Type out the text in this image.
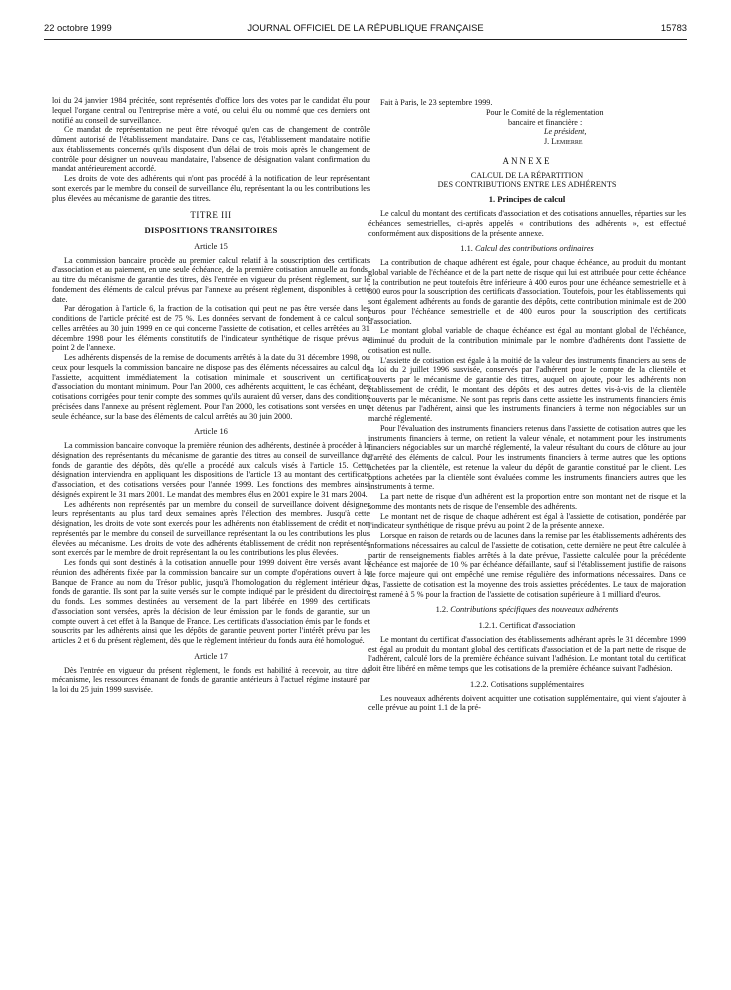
22 octobre 1999	JOURNAL OFFICIEL DE LA RÉPUBLIQUE FRANÇAISE	15783

loi du 24 janvier 1984 précitée, sont représentés d'office lors des votes par le candidat élu pour lequel l'organe central ou l'entreprise mère a voté, ou celui élu ou nommé que ces derniers ont notifié au conseil de surveillance.

Ce mandat de représentation ne peut être révoqué qu'en cas de changement de contrôle dûment autorisé de l'établissement mandataire. Dans ce cas, l'établissement mandataire notifie aux établissements concernés qu'ils disposent d'un délai de trois mois après le changement de contrôle pour désigner un nouveau mandataire, l'absence de désignation valant confirmation du mandat antérieurement accordé.

Les droits de vote des adhérents qui n'ont pas procédé à la notification de leur représentant sont exercés par le membre du conseil de surveillance élu, représentant la ou les contributions les plus élevées au mécanisme de garantie des titres.

TITRE III
DISPOSITIONS TRANSITOIRES
Article 15

La commission bancaire procède au premier calcul relatif à la souscription des certificats d'association et au paiement, en une seule échéance, de la première cotisation annuelle au fonds, au titre du mécanisme de garantie des titres, dès l'entrée en vigueur du présent règlement, sur le fondement des éléments de calcul prévus par l'annexe au présent règlement, disponibles à cette date.

Par dérogation à l'article 6, la fraction de la cotisation qui peut ne pas être versée dans les conditions de l'article précité est de 75 %. Les données servant de fondement à ce calcul sont celles arrêtées au 30 juin 1999 en ce qui concerne l'assiette de cotisation, et celles arrêtées au 31 décembre 1998 pour les éléments constitutifs de l'indicateur synthétique de risque prévus au point 2 de l'annexe.

Les adhérents dispensés de la remise de documents arrêtés à la date du 31 décembre 1998, ou ceux pour lesquels la commission bancaire ne dispose pas des éléments nécessaires au calcul de l'assiette, acquittent immédiatement la cotisation minimale et souscrivent un certificat d'association du montant minimum. Pour l'an 2000, ces adhérents acquittent, le cas échéant, des cotisations corrigées pour tenir compte des sommes qu'ils auraient dû verser, dans des conditions précisées dans l'annexe au présent règlement. Pour l'an 2000, les cotisations sont versées en une seule échéance, sur la base des éléments de calcul arrêtés au 30 juin 2000.

Article 16

La commission bancaire convoque la première réunion des adhérents, destinée à procéder à la désignation des représentants du mécanisme de garantie des titres au conseil de surveillance du fonds de garantie des dépôts, dès qu'elle a procédé aux calculs visés à l'article 15. Cette désignation interviendra en appliquant les dispositions de l'article 13 au montant des certificats d'association, et des cotisations versées pour l'année 1999. Les fonctions des membres ainsi désignés expirent le 31 mars 2001. Le mandat des membres élus en 2001 expire le 31 mars 2004.

Les adhérents non représentés par un membre du conseil de surveillance doivent désigner leurs représentants au plus tard deux semaines après l'élection des membres. Jusqu'à cette désignation, les droits de vote sont exercés pour les adhérents non établissement de crédit et non représentés par le membre du conseil de surveillance représentant la ou les contributions les plus élevées au mécanisme. Les droits de vote des adhérents établissement de crédit non représentés sont exercés par le membre de droit représentant la ou les contributions les plus élevées.

Les fonds qui sont destinés à la cotisation annuelle pour 1999 doivent être versés avant la réunion des adhérents fixée par la commission bancaire sur un compte d'opérations ouvert à la Banque de France au nom du Trésor public, jusqu'à l'homologation du règlement intérieur du fonds de garantie. Ils sont par la suite versés sur le compte indiqué par le président du directoire du fonds. Les sommes destinées au versement de la part libérée en 1999 des certificats d'association sont versées, après la décision de leur émission par le fonds de garantie, sur un compte ouvert à cet effet à la Banque de France. Les certificats d'association émis par le fonds et souscrits par les adhérents ainsi que les dépôts de garantie peuvent porter l'intérêt prévu par les articles 2 et 6 du présent règlement, dès que le règlement intérieur du fonds aura été homologué.

Article 17

Dès l'entrée en vigueur du présent règlement, le fonds est habilité à recevoir, au titre du mécanisme, les ressources émanant de fonds de garantie antérieurs à l'actuel régime instauré par la loi du 25 juin 1999 susvisée.

Fait à Paris, le 23 septembre 1999.

Pour le Comité de la réglementation
bancaire et financière :
Le président,
J. Lemierre
ANNEXE
CALCUL DE LA RÉPARTITION
DES CONTRIBUTIONS ENTRE LES ADHÉRENTS
1. Principes de calcul

Le calcul du montant des certificats d'association et des cotisations annuelles, réparties sur les échéances semestrielles, ci-après appelés « contributions des adhérents », est effectué conformément aux dispositions de la présente annexe.

1.1. Calcul des contributions ordinaires

La contribution de chaque adhérent est égale, pour chaque échéance, au produit du montant global variable de l'échéance et de la part nette de risque qui lui est attribuée pour cette échéance ; la contribution ne peut toutefois être inférieure à 400 euros pour une échéance semestrielle et à 800 euros pour la souscription des certificats d'association. Toutefois, pour les établissements qui sont également adhérents au fonds de garantie des dépôts, cette contribution minimale est de 200 euros pour l'échéance semestrielle et de 400 euros pour la souscription des certificats d'association.

Le montant global variable de chaque échéance est égal au montant global de l'échéance, diminué du produit de la contribution minimale par le nombre d'adhérents dont l'assiette de cotisation est nulle.

L'assiette de cotisation est égale à la moitié de la valeur des instruments financiers au sens de la loi du 2 juillet 1996 susvisée, conservés par l'adhérent pour le compte de la clientèle et couverts par le mécanisme de garantie des titres, auquel on ajoute, pour les adhérents non établissement de crédit, le montant des dépôts et des autres dettes vis-à-vis de la clientèle couverts par le mécanisme. Ne sont pas repris dans cette assiette les instruments financiers émis et détenus par l'adhérent, ainsi que les instruments financiers à terme non négociables sur un marché réglementé.

Pour l'évaluation des instruments financiers retenus dans l'assiette de cotisation autres que les instruments financiers à terme, on retient la valeur vénale, et notamment pour les instruments financiers négociables sur un marché réglementé, la valeur résultant du cours de clôture au jour d'arrêté des éléments de calcul. Pour les instruments financiers à terme autres que les options achetées par la clientèle, est retenue la valeur du dépôt de garantie constitué par le client. Les options achetées par la clientèle sont évaluées comme les instruments financiers autres que les instruments à terme.

La part nette de risque d'un adhérent est la proportion entre son montant net de risque et la somme des montants nets de risque de l'ensemble des adhérents.

Le montant net de risque de chaque adhérent est égal à l'assiette de cotisation, pondérée par l'indicateur synthétique de risque prévu au point 2 de la présente annexe.

Lorsque en raison de retards ou de lacunes dans la remise par les établissements adhérents des informations nécessaires au calcul de l'assiette de cotisation, cette dernière ne peut être calculée à partir de renseignements fiables arrêtés à la date prévue, l'assiette calculée pour la précédente échéance est majorée de 10 % par échéance défaillante, sauf si l'établissement justifie de raisons de force majeure qui ont empêché une remise régulière des informations nécessaires. Dans ce cas, l'assiette de cotisation est la moyenne des trois assiettes précédentes. Le taux de majoration est ramené à 5 % pour la fraction de l'assiette de cotisation supérieure à 1 milliard d'euros.

1.2. Contributions spécifiques des nouveaux adhérents
1.2.1. Certificat d'association

Le montant du certificat d'association des établissements adhérant après le 31 décembre 1999 est égal au produit du montant global des certificats d'association et de la part nette de risque de l'adhérent, calculé lors de la première échéance suivant l'adhésion. Le montant total du certificat doit être libéré en même temps que les cotisations de la première échéance suivant l'adhésion.

1.2.2. Cotisations supplémentaires

Les nouveaux adhérents doivent acquitter une cotisation supplémentaire, qui vient s'ajouter à celle prévue au point 1.1 de la pré-
